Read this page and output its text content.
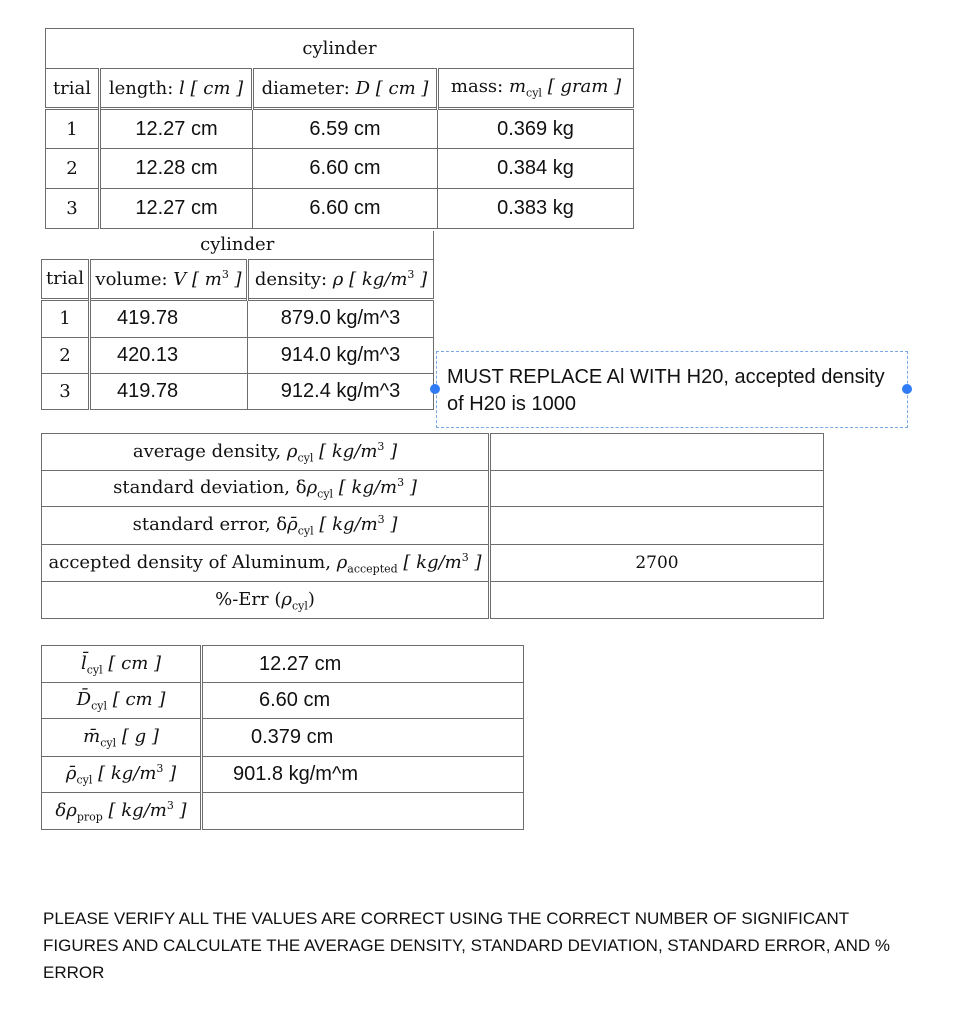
cylinder			
trial	length: l [ cm ]	diameter: D [ cm ]	mass: $m_{cyl}$ [ gram ]
1	12.27 cm	6.59 cm	0.369 kg
2	12.28 cm	6.60 cm	0.384 kg
3	12.27 cm	6.60 cm	0.383 kg
cylinder		
trial	volume: V [ $m^3$ ]	density: ρ [ $kg/m^3$ ]
1	419.78	879.0 kg/m^3
2	420.13	914.0 kg/m^3
3	419.78	912.4 kg/m^3
MUST REPLACE Al WITH H20, accepted density of H20 is 1000
average density, $\rho_{cyl}$ [ $kg/m^3$ ]	
standard deviation, $\delta\rho_{cyl}$ [ $kg/m^3$ ]	
standard error, $\delta\rhō_{cyl}$ [ $kg/m^3$ ]	
accepted density of Aluminum, $\rho_{accepted}$ [ $kg/m^3$ ]	2700
%-Err $(\rho_{cyl})$	
$l̄_{cyl}$ [ cm ]	12.27 cm
$D̄_{cyl}$ [ cm ]	6.60 cm
$m̄_{cyl}$ [ g ]	0.379 cm
$\rhō_{cyl}$ [ $kg/m^3$ ]	901.8 kg/m^m
$\delta\rho_{prop}$ [ $kg/m^3$ ]	
PLEASE VERIFY ALL THE VALUES ARE CORRECT USING THE CORRECT NUMBER OF SIGNIFICANT FIGURES AND CALCULATE THE AVERAGE DENSITY, STANDARD DEVIATION, STANDARD ERROR, AND % ERROR
